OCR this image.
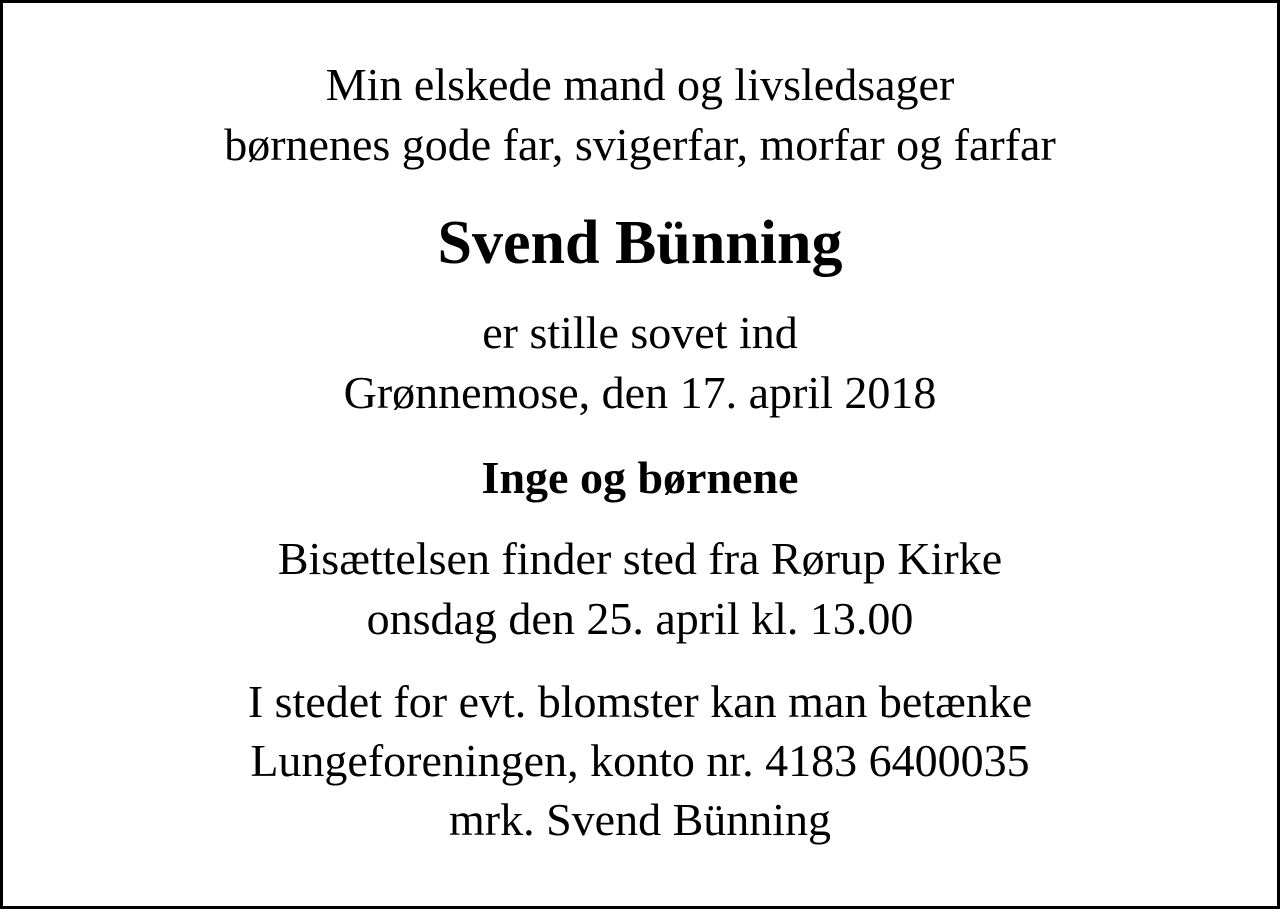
Min elskede mand og livsledsager
børnenes gode far, svigerfar, morfar og farfar
Svend Bünning
er stille sovet ind
Grønnemose, den 17. april 2018
Inge og børnene
Bisættelsen finder sted fra Rørup Kirke
onsdag den 25. april kl. 13.00
I stedet for evt. blomster kan man betænke
Lungeforeningen, konto nr. 4183 6400035
mrk. Svend Bünning
